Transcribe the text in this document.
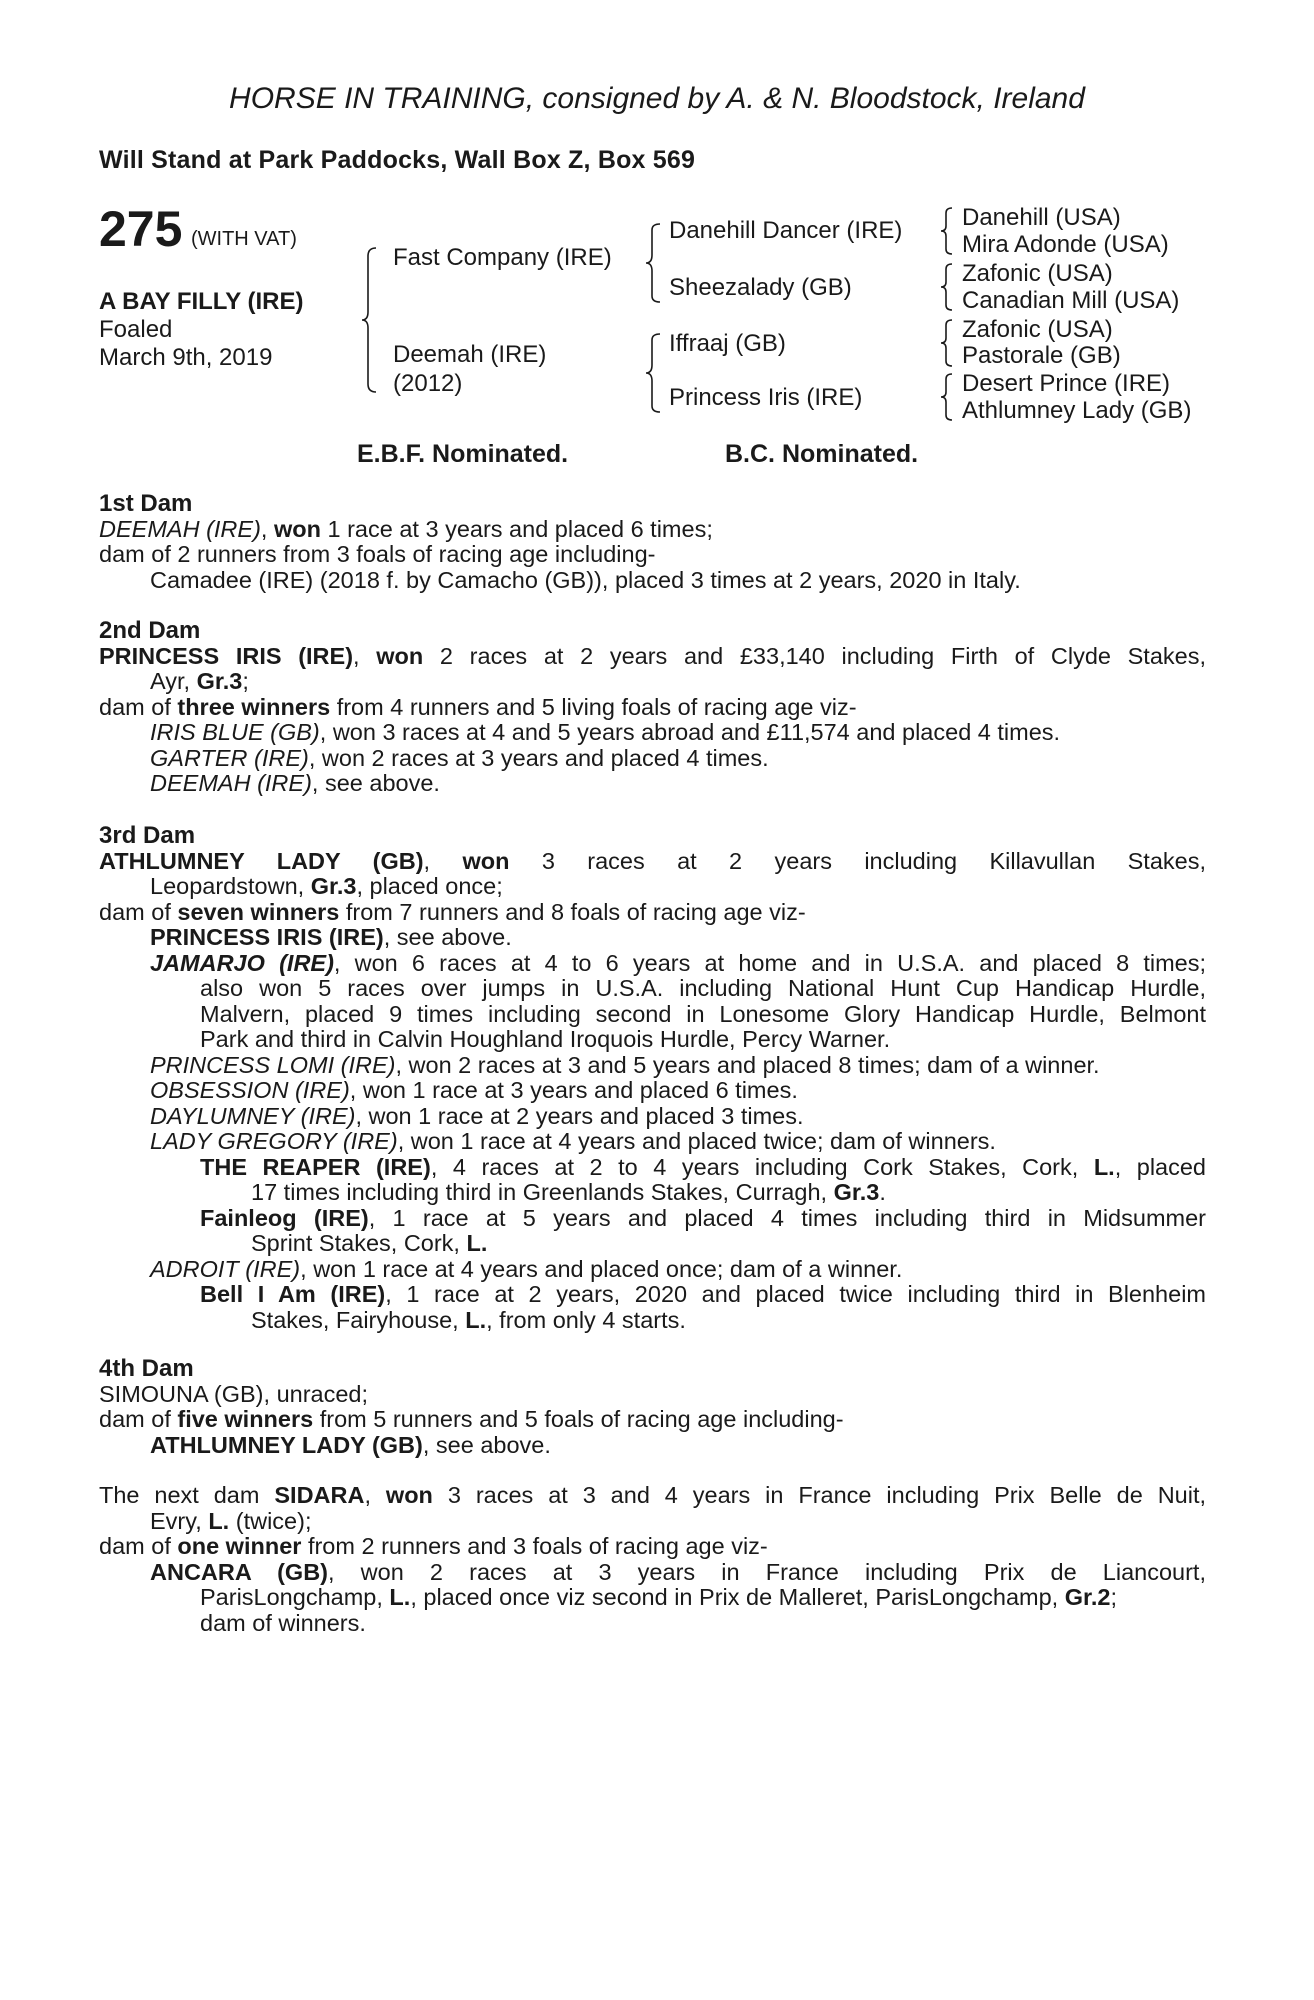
HORSE IN TRAINING, consigned by A. & N. Bloodstock, Ireland
Will Stand at Park Paddocks, Wall Box Z, Box 569
275 (WITH VAT)
A BAY FILLY (IRE)
Foaled
March 9th, 2019
Fast Company (IRE)
Deemah (IRE)
(2012)
Danehill Dancer (IRE)
Sheezalady (GB)
Iffraaj (GB)
Princess Iris (IRE)
Danehill (USA)
Mira Adonde (USA)
Zafonic (USA)
Canadian Mill (USA)
Zafonic (USA)
Pastorale (GB)
Desert Prince (IRE)
Athlumney Lady (GB)
E.B.F. Nominated.	B.C. Nominated.
1st Dam
DEEMAH (IRE), won 1 race at 3 years and placed 6 times;
dam of 2 runners from 3 foals of racing age including-
Camadee (IRE) (2018 f. by Camacho (GB)), placed 3 times at 2 years, 2020 in Italy.
2nd Dam
PRINCESS IRIS (IRE), won 2 races at 2 years and £33,140 including Firth of Clyde Stakes,
Ayr, Gr.3;
dam of three winners from 4 runners and 5 living foals of racing age viz-
IRIS BLUE (GB), won 3 races at 4 and 5 years abroad and £11,574 and placed 4 times.
GARTER (IRE), won 2 races at 3 years and placed 4 times.
DEEMAH (IRE), see above.
3rd Dam
ATHLUMNEY LADY (GB), won 3 races at 2 years including Killavullan Stakes,
Leopardstown, Gr.3, placed once;
dam of seven winners from 7 runners and 8 foals of racing age viz-
PRINCESS IRIS (IRE), see above.
JAMARJO (IRE), won 6 races at 4 to 6 years at home and in U.S.A. and placed 8 times;
also won 5 races over jumps in U.S.A. including National Hunt Cup Handicap Hurdle,
Malvern, placed 9 times including second in Lonesome Glory Handicap Hurdle, Belmont
Park and third in Calvin Houghland Iroquois Hurdle, Percy Warner.
PRINCESS LOMI (IRE), won 2 races at 3 and 5 years and placed 8 times; dam of a winner.
OBSESSION (IRE), won 1 race at 3 years and placed 6 times.
DAYLUMNEY (IRE), won 1 race at 2 years and placed 3 times.
LADY GREGORY (IRE), won 1 race at 4 years and placed twice; dam of winners.
THE REAPER (IRE), 4 races at 2 to 4 years including Cork Stakes, Cork, L., placed
17 times including third in Greenlands Stakes, Curragh, Gr.3.
Fainleog (IRE), 1 race at 5 years and placed 4 times including third in Midsummer
Sprint Stakes, Cork, L.
ADROIT (IRE), won 1 race at 4 years and placed once; dam of a winner.
Bell I Am (IRE), 1 race at 2 years, 2020 and placed twice including third in Blenheim
Stakes, Fairyhouse, L., from only 4 starts.
4th Dam
SIMOUNA (GB), unraced;
dam of five winners from 5 runners and 5 foals of racing age including-
ATHLUMNEY LADY (GB), see above.
The next dam SIDARA, won 3 races at 3 and 4 years in France including Prix Belle de Nuit,
Evry, L. (twice);
dam of one winner from 2 runners and 3 foals of racing age viz-
ANCARA (GB), won 2 races at 3 years in France including Prix de Liancourt,
ParisLongchamp, L., placed once viz second in Prix de Malleret, ParisLongchamp, Gr.2;
dam of winners.
